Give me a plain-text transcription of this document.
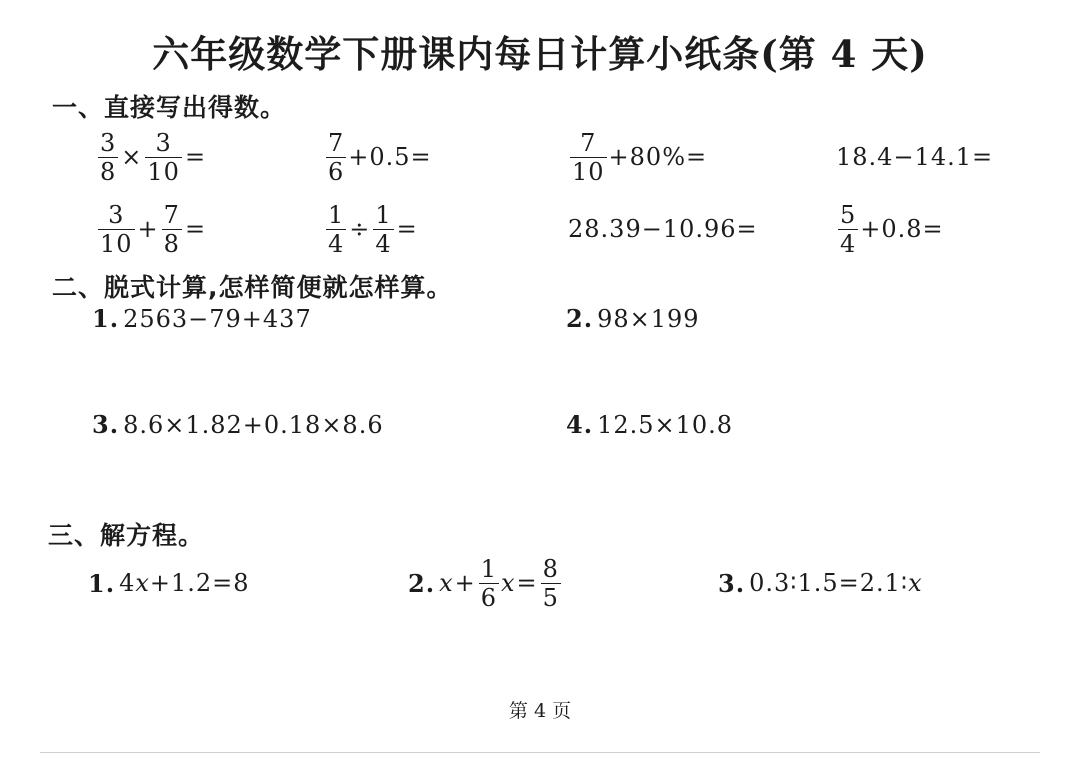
六年级数学下册课内每日计算小纸条(第 4 天)
一、直接写出得数。
$\frac{3}{8} \times \frac{3}{10}$ =	$\frac{7}{6} +0.5=$	$\frac{7}{10} +80\%=$	18.4−14.1=
$\frac{3}{10} + \frac{7}{8}$ =	$\frac{1}{4} \div \frac{1}{4}$ =	28.39−10.96=	$\frac{5}{4} +0.8=$
二、脱式计算,怎样简便就怎样算。
1. 2563−79+437	2. 98×199
3. 8.6×1.82+0.18×8.6	4. 12.5×10.8
三、解方程。
1. 4 x +1.2=8	2. $x + \frac{1}{6}$ $x = \frac{8}{5}$	3. 0.3∶1.5=2.1∶ x
第 4 页
